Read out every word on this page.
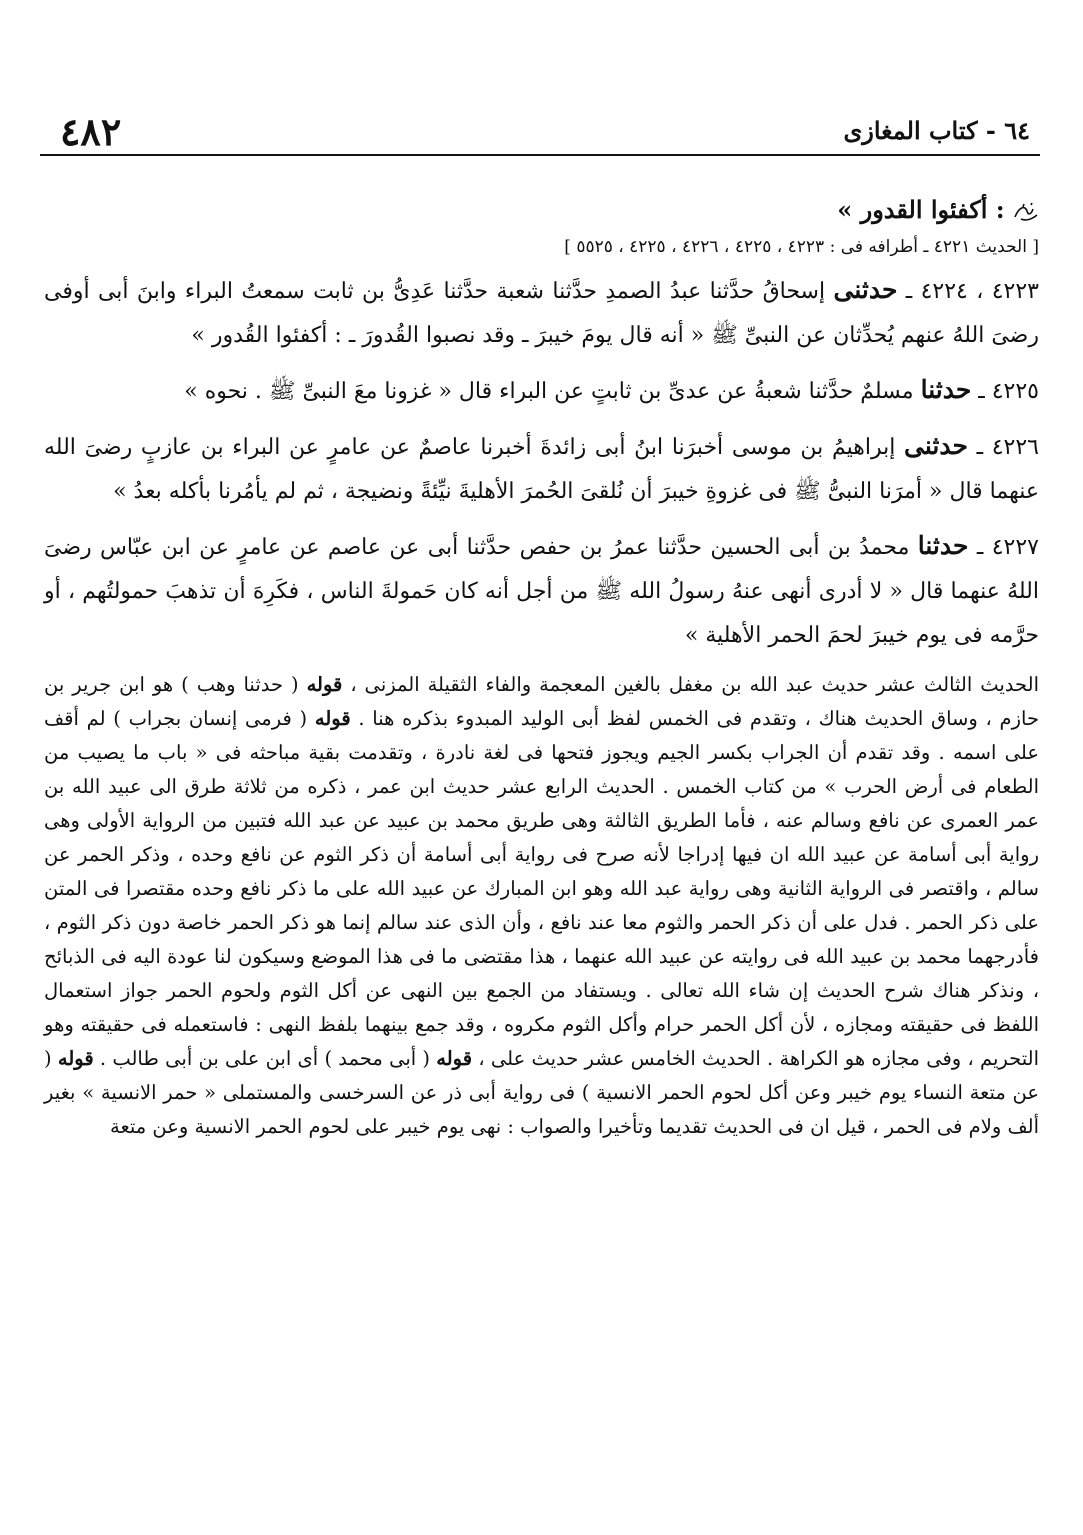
٤٨٢	٦٤ - كتاب المغازى

: أكفئوا القدور »

[ الحديث ٤٢٢١ ـ أطرافه فى : ٤٢٢٣ ، ٤٢٢٥ ، ٤٢٢٦ ، ٤٢٢٥ ، ٥٥٢٥ ]

٤٢٢٣ ، ٤٢٢٤ ـ حدثنى إسحاقُ حدَّثنا عبدُ الصمدِ حدَّثنا شعبة حدَّثنا عَدِىُّ بن ثابت سمعتُ البراء وابنَ أبى أوفى رضىَ اللهُ عنهم يُحدِّثان عن النبىِّ ﷺ « أنه قال يومَ خيبرَ ـ وقد نصبوا القُدورَ ـ : أكفئوا القُدور »

٤٢٢٥ ـ حدثنا مسلمٌ حدَّثنا شعبةُ عن عدىِّ بن ثابتٍ عن البراء قال « غزونا معَ النبىِّ ﷺ . نحوه »

٤٢٢٦ ـ حدثنى إبراهيمُ بن موسى أخبرَنا ابنُ أبى زائدةَ أخبرنا عاصمٌ عن عامرٍ عن البراء بن عازبٍ رضىَ الله عنهما قال « أمرَنا النبىُّ ﷺ فى غزوةِ خيبرَ أن نُلقىَ الحُمرَ الأهليةَ نيِّئةً ونضيجة ، ثم لم يأمُرنا بأكله بعدُ »

٤٢٢٧ ـ حدثنا محمدُ بن أبى الحسين حدَّثنا عمرُ بن حفص حدَّثنا أبى عن عاصم عن عامرٍ عن ابن عبّاس رضىَ اللهُ عنهما قال « لا أدرى أنهى عنهُ رسولُ الله ﷺ من أجل أنه كان حَمولةَ الناس ، فكَرِهَ أن تذهبَ حمولتُهم ، أو حرَّمه فى يوم خيبرَ لحمَ الحمر الأهلية »

الحديث الثالث عشر حديث عبد الله بن مغفل بالغين المعجمة والفاء الثقيلة المزنى ، قوله ( حدثنا وهب ) هو ابن جرير بن حازم ، وساق الحديث هناك ، وتقدم فى الخمس لفظ أبى الوليد المبدوء بذكره هنا . قوله ( فرمى إنسان بجراب ) لم أقف على اسمه . وقد تقدم أن الجراب بكسر الجيم ويجوز فتحها فى لغة نادرة ، وتقدمت بقية مباحثه فى « باب ما يصيب من الطعام فى أرض الحرب » من كتاب الخمس . الحديث الرابع عشر حديث ابن عمر ، ذكره من ثلاثة طرق الى عبيد الله بن عمر العمرى عن نافع وسالم عنه ، فأما الطريق الثالثة وهى طريق محمد بن عبيد عن عبد الله فتبين من الرواية الأولى وهى رواية أبى أسامة عن عبيد الله ان فيها إدراجا لأنه صرح فى رواية أبى أسامة أن ذكر الثوم عن نافع وحده ، وذكر الحمر عن سالم ، واقتصر فى الرواية الثانية وهى رواية عبد الله وهو ابن المبارك عن عبيد الله على ما ذكر نافع وحده مقتصرا فى المتن على ذكر الحمر . فدل على أن ذكر الحمر والثوم معا عند نافع ، وأن الذى عند سالم إنما هو ذكر الحمر خاصة دون ذكر الثوم ، فأدرجهما محمد بن عبيد الله فى روايته عن عبيد الله عنهما ، هذا مقتضى ما فى هذا الموضع وسيكون لنا عودة اليه فى الذبائح ، ونذكر هناك شرح الحديث إن شاء الله تعالى . ويستفاد من الجمع بين النهى عن أكل الثوم ولحوم الحمر جواز استعمال اللفظ فى حقيقته ومجازه ، لأن أكل الحمر حرام وأكل الثوم مكروه ، وقد جمع بينهما بلفظ النهى : فاستعمله فى حقيقته وهو التحريم ، وفى مجازه هو الكراهة . الحديث الخامس عشر حديث على ، قوله ( أبى محمد ) أى ابن على بن أبى طالب . قوله ( عن متعة النساء يوم خيبر وعن أكل لحوم الحمر الانسية ) فى رواية أبى ذر عن السرخسى والمستملى « حمر الانسية » بغير ألف ولام فى الحمر ، قيل ان فى الحديث تقديما وتأخيرا والصواب : نهى يوم خيبر على لحوم الحمر الانسية وعن متعة
